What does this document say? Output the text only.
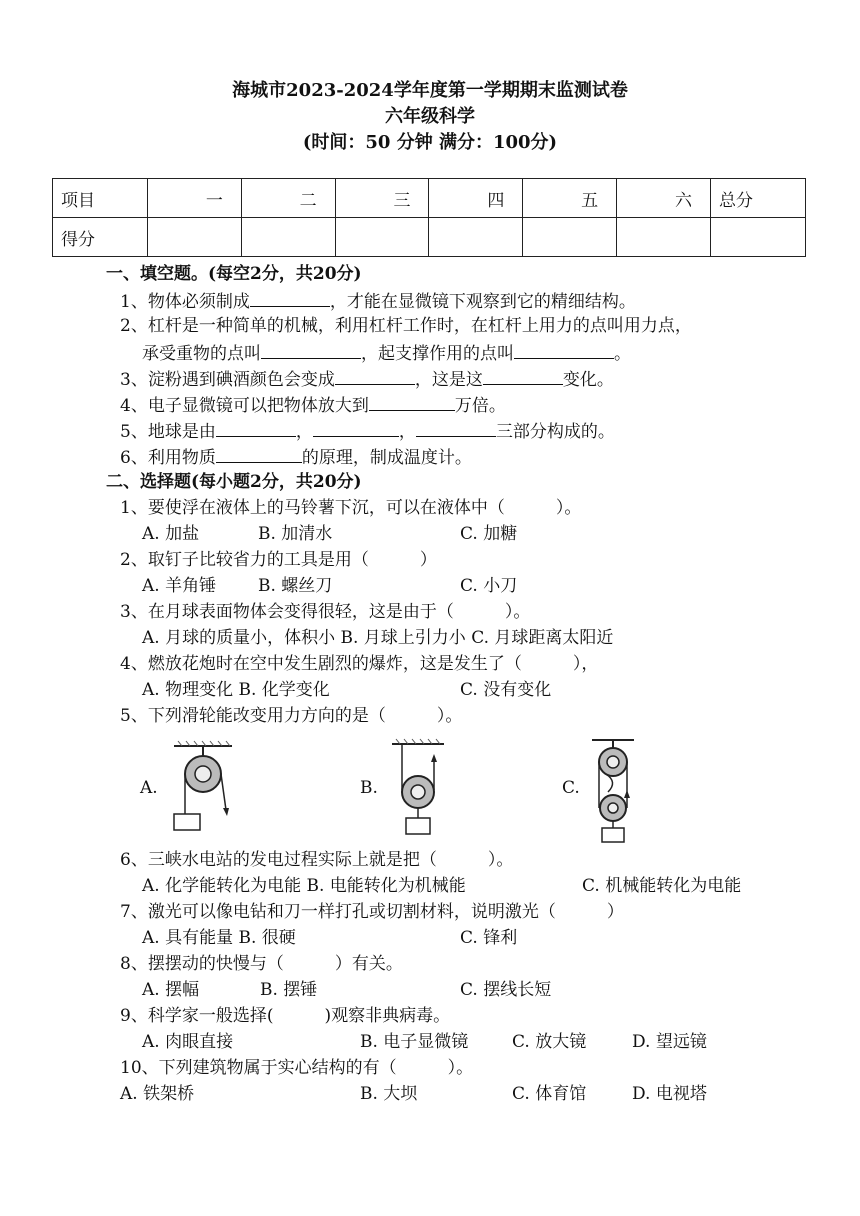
海城市2023-2024学年度第一学期期末监测试卷
六年级科学
(时间：50 分钟 满分：100分)
项目	一	二	三	四	五	六	总分
得分							
一、填空题。(每空2分，共20分)
1、物体必须制成	，才能在显微镜下观察到它的精细结构。
2、杠杆是一种简单的机械，利用杠杆工作时，在杠杆上用力的点叫用力点，
承受重物的点叫	，起支撑作用的点叫	。
3、淀粉遇到碘酒颜色会变成	，这是这	变化。
4、电子显微镜可以把物体放大到	万倍。
5、地球是由	，	，	三部分构成的。
6、利用物质	的原理，制成温度计。
二、选择题(每小题2分，共20分)
1、要使浮在液体上的马铃薯下沉，可以在液体中（　　　）。
A. 加盐	B. 加清水	C. 加糖
2、取钉子比较省力的工具是用（　　　）
A. 羊角锤 B. 螺丝刀	C. 小刀
3、在月球表面物体会变得很轻，这是由于（　　　）。
A. 月球的质量小，体积小 B. 月球上引力小 C. 月球距离太阳近
4、燃放花炮时在空中发生剧烈的爆炸，这是发生了（　　　），
A. 物理变化 B. 化学变化	C. 没有变化
5、下列滑轮能改变用力方向的是（　　　）。
A.	B.	C.
6、三峡水电站的发电过程实际上就是把（　　　）。
A. 化学能转化为电能 B. 电能转化为机械能	C. 机械能转化为电能
7、激光可以像电钻和刀一样打孔或切割材料，说明激光（　　　）
A. 具有能量 B. 很硬	C. 锋利
8、摆摆动的快慢与（　　　）有关。
A. 摆幅	B. 摆锤	C. 摆线长短
9、科学家一般选择(　　　)观察非典病毒。
A. 肉眼直接	B. 电子显微镜	C. 放大镜	D. 望远镜
10、下列建筑物属于实心结构的有（　　　）。
A. 铁架桥	B. 大坝	C. 体育馆	D. 电视塔
